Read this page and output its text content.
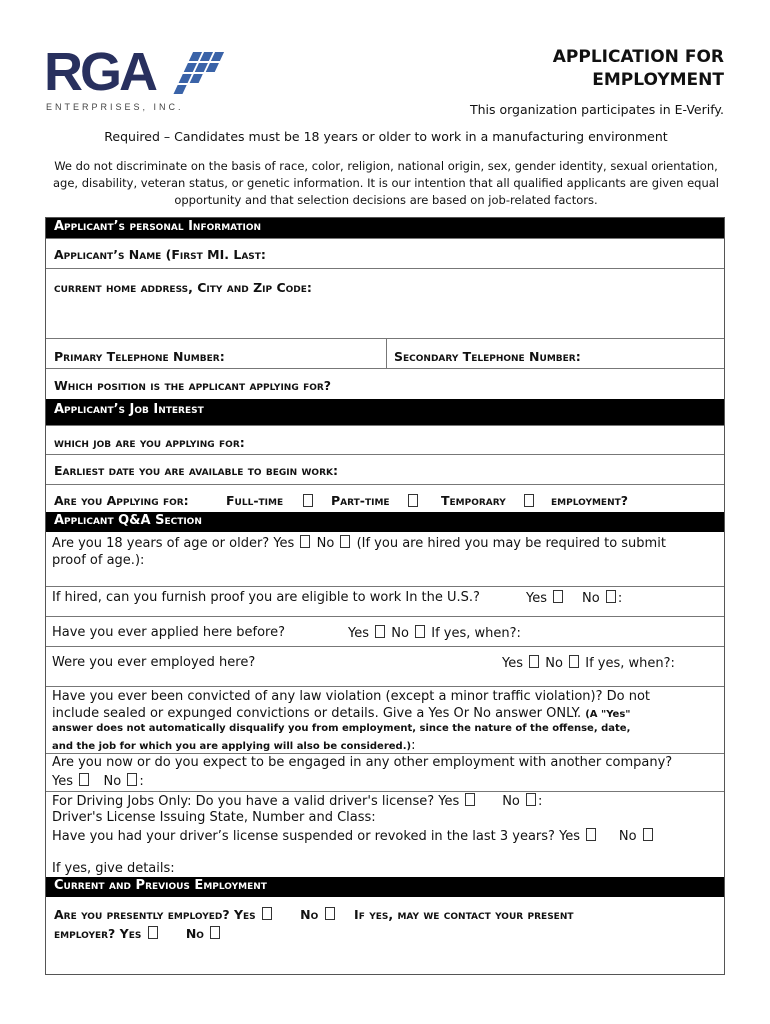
RGA
ENTERPRISES, INC.
APPLICATION FOR
EMPLOYMENT
This organization participates in E-Verify.
Required – Candidates must be 18 years or older to work in a manufacturing environment
We do not discriminate on the basis of race, color, religion, national origin, sex, gender identity, sexual orientation, age, disability, veteran status, or genetic information. It is our intention that all qualified applicants are given equal opportunity and that selection decisions are based on job-related factors.
Applicant’s personal Information
Applicant’s Name (First MI. Last:
current home address, City and Zip Code:
Primary Telephone Number:	Secondary Telephone Number:
Which position is the applicant applying for?
Applicant’s Job Interest
which job are you applying for:
Earliest date you are available to begin work:
Are you Applying for:	Full-time	Part-time	Temporary	employment?
Applicant Q&A Section
Are you 18 years of age or older? Yes No (If you are hired you may be required to submit
proof of age.):
If hired, can you furnish proof you are eligible to work In the U.S.?	Yes	No :
Have you ever applied here before?	Yes No If yes, when?:
Were you ever employed here?	Yes No If yes, when?:
Have you ever been convicted of any law violation (except a minor traffic violation)? Do not
include sealed or expunged convictions or details. Give a Yes Or No answer ONLY. (A "Yes"
answer does not automatically disqualify you from employment, since the nature of the offense, date,
and the job for which you are applying will also be considered.):
Are you now or do you expect to be engaged in any other employment with another company?
Yes No :
For Driving Jobs Only: Do you have a valid driver's license? Yes	No :
Driver's License Issuing State, Number and Class:
Have you had your driver’s license suspended or revoked in the last 3 years? Yes	No
If yes, give details:
Current and Previous Employment
Are you presently employed? Yes	No	If yes, may we contact your present
employer? Yes	No
